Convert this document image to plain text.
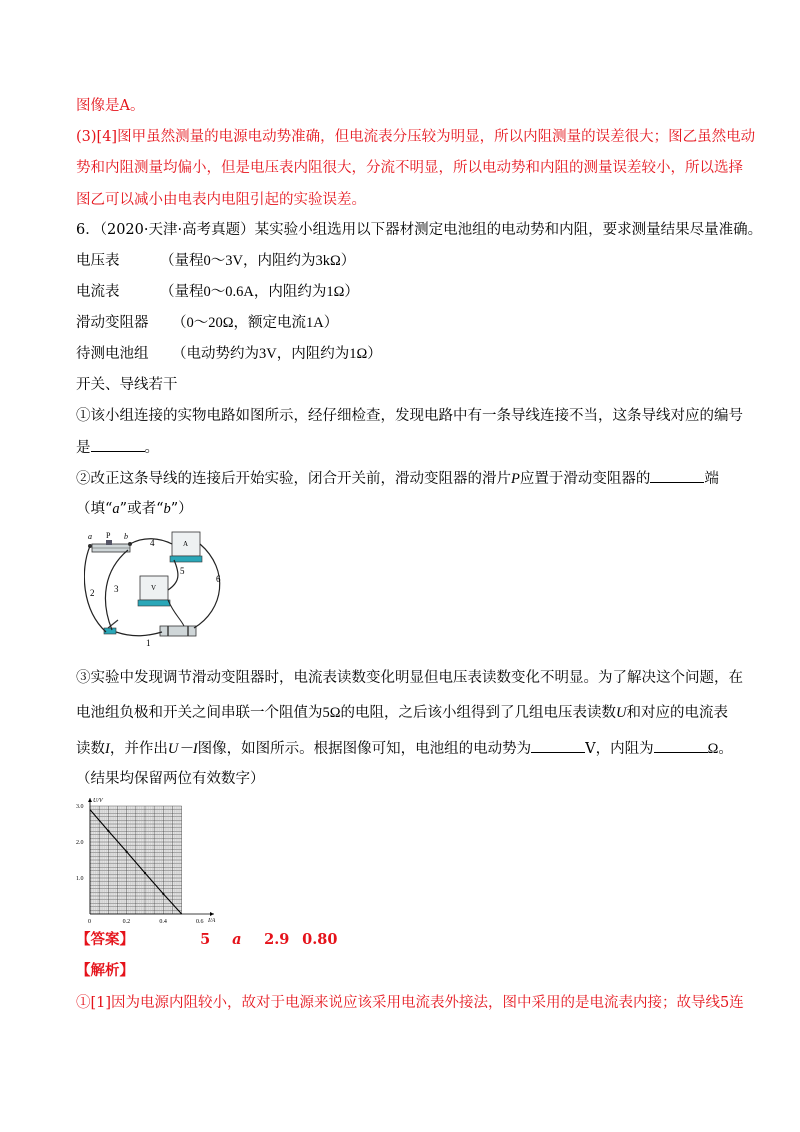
图像是A。
(3)[4]图甲虽然测量的电源电动势准确，但电流表分压较为明显，所以内阻测量的误差很大；图乙虽然电动
势和内阻测量均偏小，但是电压表内阻很大，分流不明显，所以电动势和内阻的测量误差较小，所以选择
图乙可以减小由电表内电阻引起的实验误差。
6．（2020·天津·高考真题）某实验小组选用以下器材测定电池组的电动势和内阻，要求测量结果尽量准确。
电压表	（量程0～3V，内阻约为3kΩ）
电流表	（量程0～0.6A，内阻约为1Ω）
滑动变阻器 （0～20Ω，额定电流1A）
待测电池组 （电动势约为3V，内阻约为1Ω）
开关、导线若干
①该小组连接的实物电路如图所示，经仔细检查，发现电路中有一条导线连接不当，这条导线对应的编号
是	。
②改正这条导线的连接后开始实验，闭合开关前，滑动变阻器的滑片P应置于滑动变阻器的	端
（填“a”或者“b”）
a P b
A
V
2 3
4
5
6
1
③实验中发现调节滑动变阻器时，电流表读数变化明显但电压表读数变化不明显。为了解决这个问题，在
电池组负极和开关之间串联一个阻值为5Ω的电阻，之后该小组得到了几组电压表读数U和对应的电流表
读数I，并作出U－I图像，如图所示。根据图像可知，电池组的电动势为	V，内阻为	Ω。
（结果均保留两位有效数字）
U/V
I/A
0	0.2	0.4	0.6
1.0
2.0
3.0
【答案】	5 a 2.9 0.80
【解析】
①[1]因为电源内阻较小，故对于电源来说应该采用电流表外接法，图中采用的是电流表内接；故导线5连
